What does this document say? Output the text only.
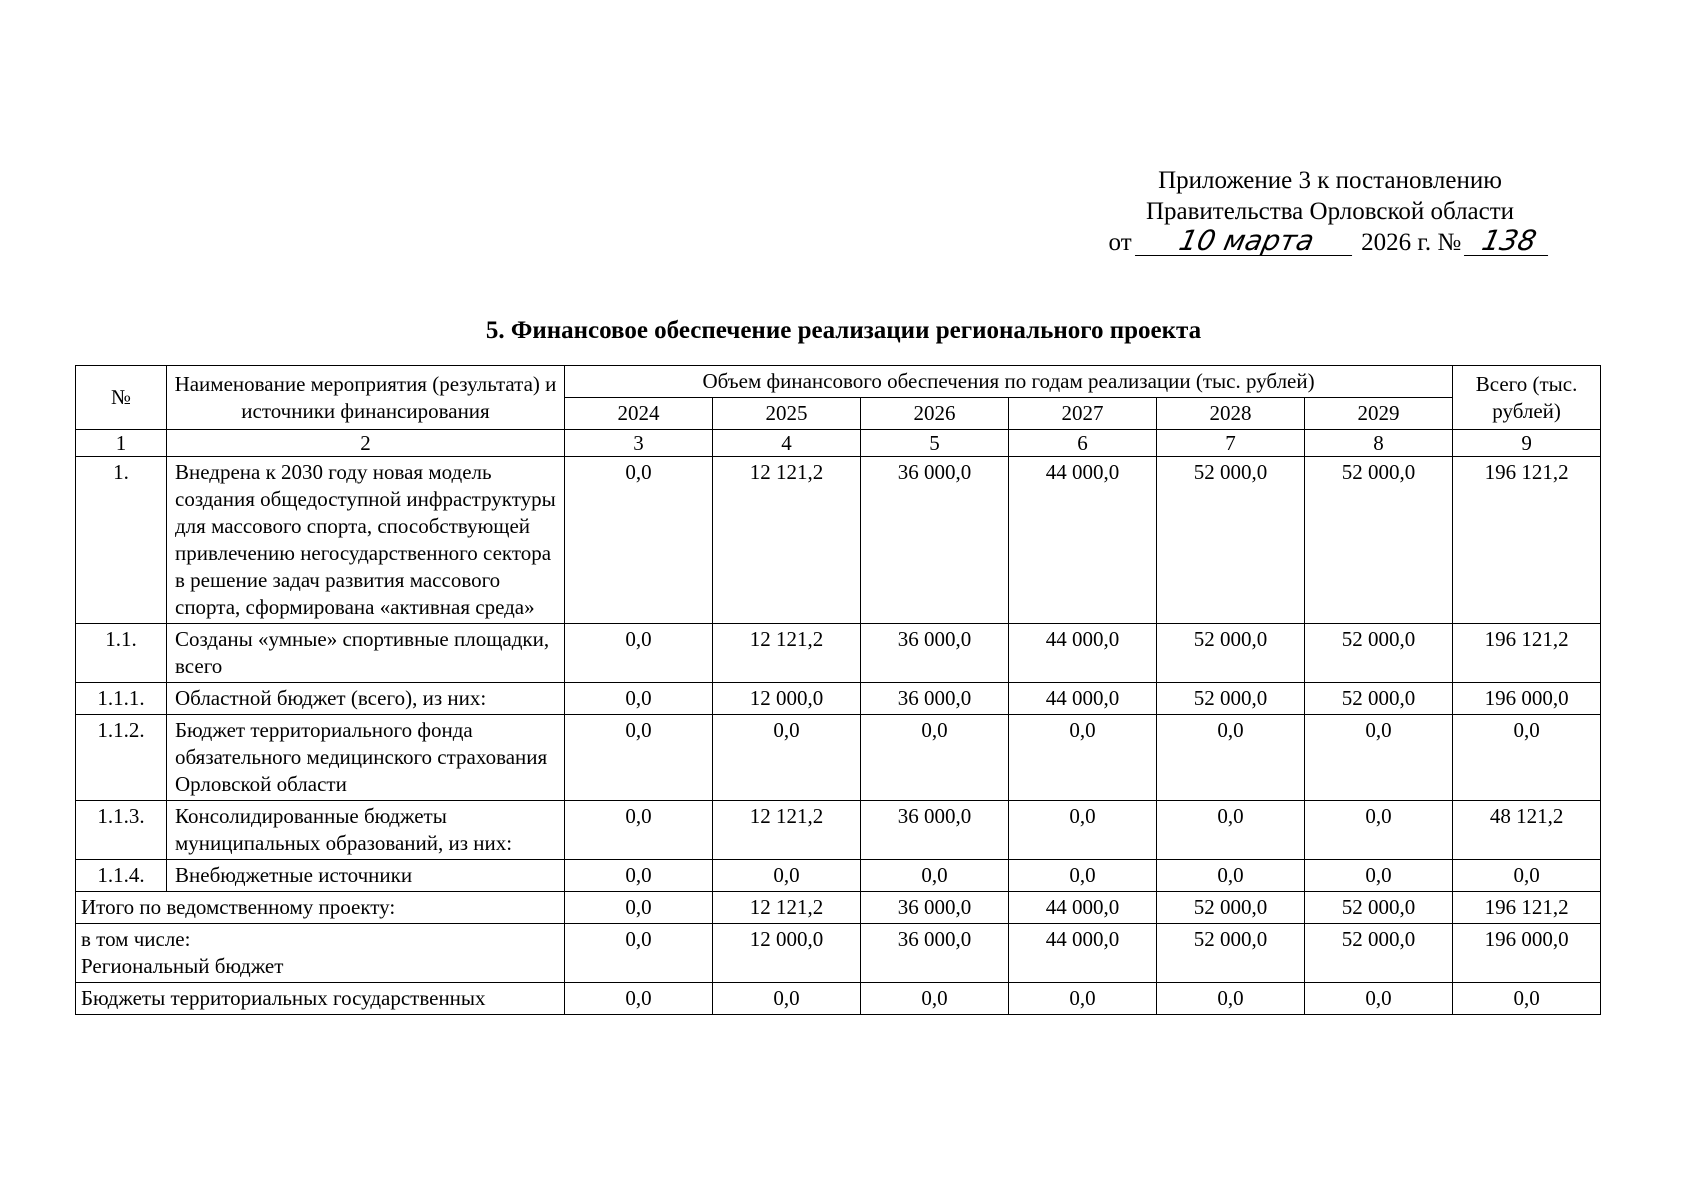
Приложение 3 к постановлению
Правительства Орловской области
от 10 марта 2026 г. № 138
5. Финансовое обеспечение реализации регионального проекта
№	Наименование мероприятия (результата) и источники финансирования	Объем финансового обеспечения по годам реализации (тыс. рублей)						Всего (тыс. рублей)
		2024	2025	2026	2027	2028	2029	
1	2	3	4	5	6	7	8	9
1.	Внедрена к 2030 году новая модель создания общедоступной инфраструктуры для массового спорта, способствующей привлечению негосударственного сектора в решение задач развития массового спорта, сформирована «активная среда»	0,0	12 121,2	36 000,0	44 000,0	52 000,0	52 000,0	196 121,2
1.1.	Созданы «умные» спортивные площадки, всего	0,0	12 121,2	36 000,0	44 000,0	52 000,0	52 000,0	196 121,2
1.1.1.	Областной бюджет (всего), из них:	0,0	12 000,0	36 000,0	44 000,0	52 000,0	52 000,0	196 000,0
1.1.2.	Бюджет территориального фонда обязательного медицинского страхования Орловской области	0,0	0,0	0,0	0,0	0,0	0,0	0,0
1.1.3.	Консолидированные бюджеты муниципальных образований, из них:	0,0	12 121,2	36 000,0	0,0	0,0	0,0	48 121,2
1.1.4.	Внебюджетные источники	0,0	0,0	0,0	0,0	0,0	0,0	0,0
Итого по ведомственному проекту:		0,0	12 121,2	36 000,0	44 000,0	52 000,0	52 000,0	196 121,2

в том числе:
Региональный бюджет		0,0	12 000,0	36 000,0	44 000,0	52 000,0	52 000,0	196 000,0
Бюджеты территориальных государственных		0,0	0,0	0,0	0,0	0,0	0,0	0,0
